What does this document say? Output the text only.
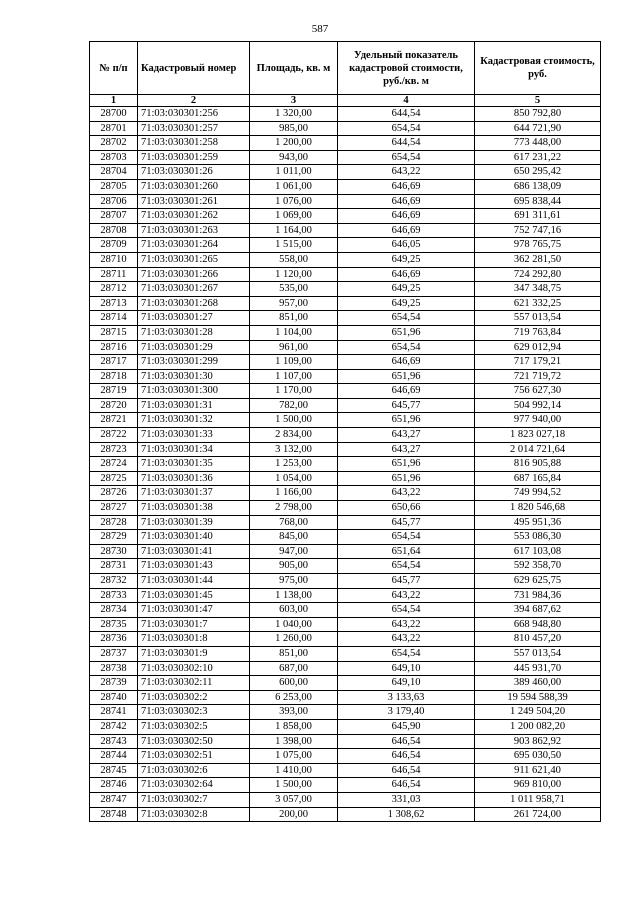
587
№ п/п	Кадастровый номер	Площадь, кв. м	Удельный показатель кадастровой стоимости, руб./кв. м	Кадастровая стоимость, руб.
1	2	3	4	5
28700	71:03:030301:256	1 320,00	644,54	850 792,80
28701	71:03:030301:257	985,00	654,54	644 721,90
28702	71:03:030301:258	1 200,00	644,54	773 448,00
28703	71:03:030301:259	943,00	654,54	617 231,22
28704	71:03:030301:26	1 011,00	643,22	650 295,42
28705	71:03:030301:260	1 061,00	646,69	686 138,09
28706	71:03:030301:261	1 076,00	646,69	695 838,44
28707	71:03:030301:262	1 069,00	646,69	691 311,61
28708	71:03:030301:263	1 164,00	646,69	752 747,16
28709	71:03:030301:264	1 515,00	646,05	978 765,75
28710	71:03:030301:265	558,00	649,25	362 281,50
28711	71:03:030301:266	1 120,00	646,69	724 292,80
28712	71:03:030301:267	535,00	649,25	347 348,75
28713	71:03:030301:268	957,00	649,25	621 332,25
28714	71:03:030301:27	851,00	654,54	557 013,54
28715	71:03:030301:28	1 104,00	651,96	719 763,84
28716	71:03:030301:29	961,00	654,54	629 012,94
28717	71:03:030301:299	1 109,00	646,69	717 179,21
28718	71:03:030301:30	1 107,00	651,96	721 719,72
28719	71:03:030301:300	1 170,00	646,69	756 627,30
28720	71:03:030301:31	782,00	645,77	504 992,14
28721	71:03:030301:32	1 500,00	651,96	977 940,00
28722	71:03:030301:33	2 834,00	643,27	1 823 027,18
28723	71:03:030301:34	3 132,00	643,27	2 014 721,64
28724	71:03:030301:35	1 253,00	651,96	816 905,88
28725	71:03:030301:36	1 054,00	651,96	687 165,84
28726	71:03:030301:37	1 166,00	643,22	749 994,52
28727	71:03:030301:38	2 798,00	650,66	1 820 546,68
28728	71:03:030301:39	768,00	645,77	495 951,36
28729	71:03:030301:40	845,00	654,54	553 086,30
28730	71:03:030301:41	947,00	651,64	617 103,08
28731	71:03:030301:43	905,00	654,54	592 358,70
28732	71:03:030301:44	975,00	645,77	629 625,75
28733	71:03:030301:45	1 138,00	643,22	731 984,36
28734	71:03:030301:47	603,00	654,54	394 687,62
28735	71:03:030301:7	1 040,00	643,22	668 948,80
28736	71:03:030301:8	1 260,00	643,22	810 457,20
28737	71:03:030301:9	851,00	654,54	557 013,54
28738	71:03:030302:10	687,00	649,10	445 931,70
28739	71:03:030302:11	600,00	649,10	389 460,00
28740	71:03:030302:2	6 253,00	3 133,63	19 594 588,39
28741	71:03:030302:3	393,00	3 179,40	1 249 504,20
28742	71:03:030302:5	1 858,00	645,90	1 200 082,20
28743	71:03:030302:50	1 398,00	646,54	903 862,92
28744	71:03:030302:51	1 075,00	646,54	695 030,50
28745	71:03:030302:6	1 410,00	646,54	911 621,40
28746	71:03:030302:64	1 500,00	646,54	969 810,00
28747	71:03:030302:7	3 057,00	331,03	1 011 958,71
28748	71:03:030302:8	200,00	1 308,62	261 724,00
